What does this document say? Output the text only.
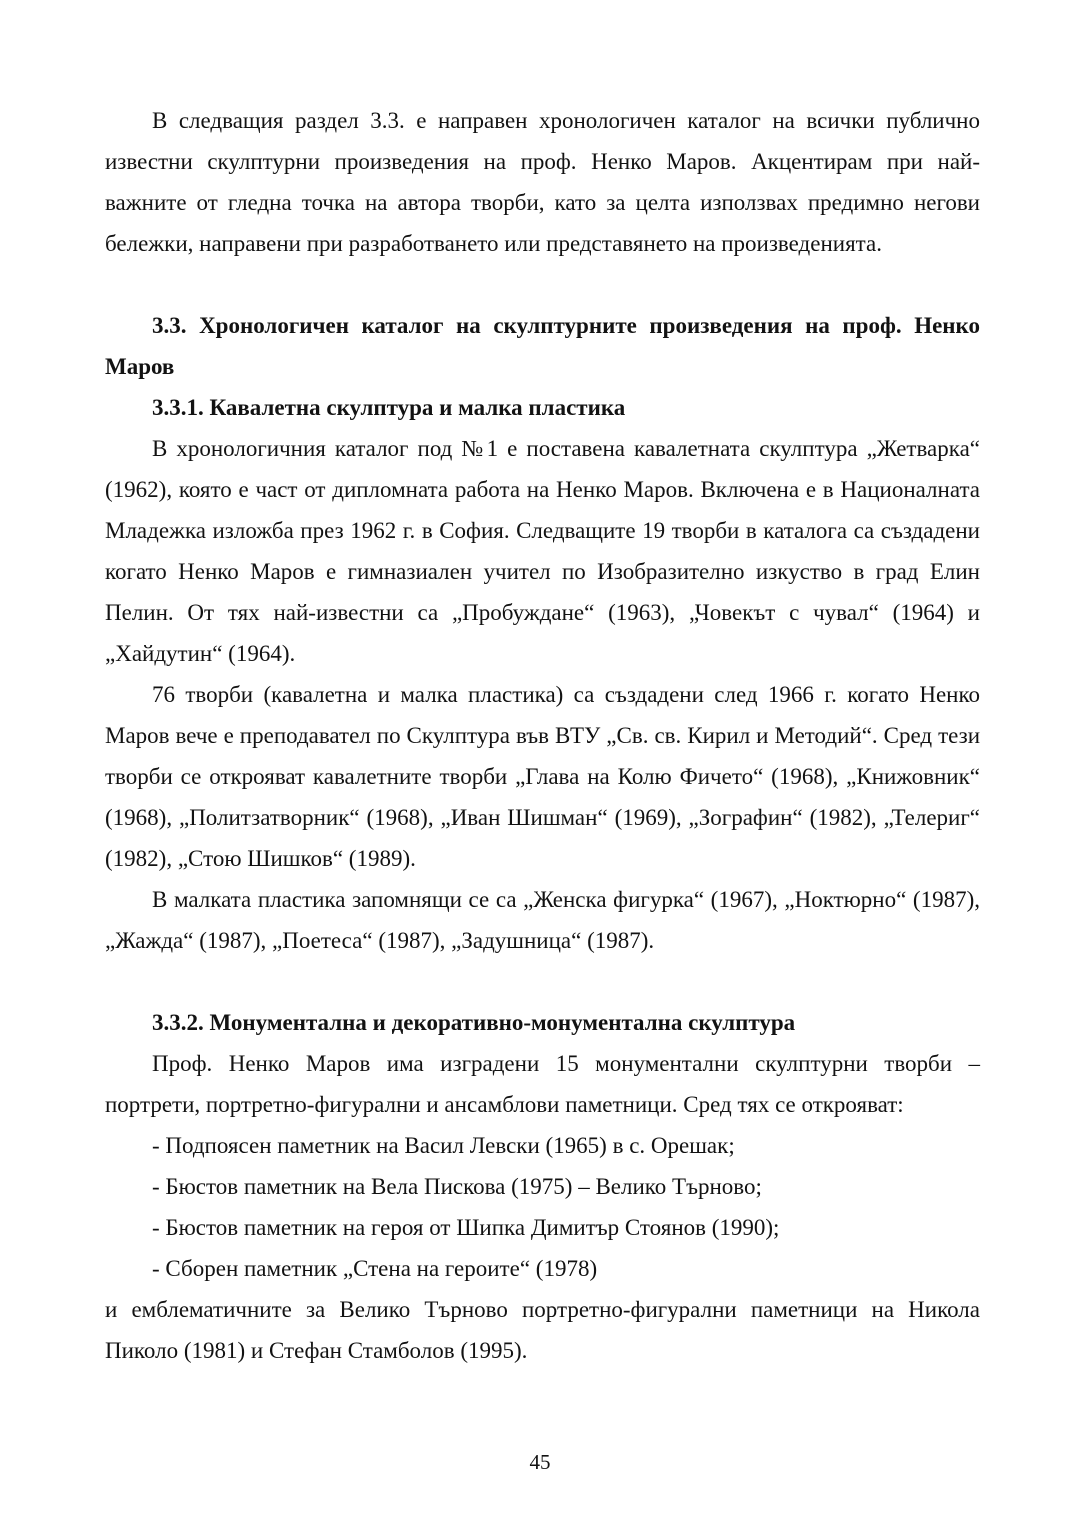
В следващия раздел 3.3. е направен хронологичен каталог на всички публично известни скулптурни произведения на проф. Ненко Маров. Акцентирам при най-важните от гледна точка на автора творби, като за целта използвах предимно негови бележки, направени при разработването или представянето на произведенията.

3.3. Хронологичен каталог на скулптурните произведения на проф. Ненко Маров

3.3.1. Кавалетна скулптура и малка пластика

В хронологичния каталог под №1 е поставена кавалетната скулптура „Жетварка“ (1962), която е част от дипломната работа на Ненко Маров. Включена е в Националната Младежка изложба през 1962 г. в София. Следващите 19 творби в каталога са създадени когато Ненко Маров е гимназиален учител по Изобразително изкуство в град Елин Пелин. От тях най-известни са „Пробуждане“ (1963), „Човекът с чувал“ (1964) и „Хайдутин“ (1964).

76 творби (кавалетна и малка пластика) са създадени след 1966 г. когато Ненко Маров вече е преподавател по Скулптура във ВТУ „Св. св. Кирил и Методий“. Сред тези творби се открояват кавалетните творби „Глава на Колю Фичето“ (1968), „Книжовник“ (1968), „Политзатворник“ (1968), „Иван Шишман“ (1969), „Зографин“ (1982), „Телериг“ (1982), „Стою Шишков“ (1989).

В малката пластика запомнящи се са „Женска фигурка“ (1967), „Ноктюрно“ (1987), „Жажда“ (1987), „Поетеса“ (1987), „Задушница“ (1987).

3.3.2. Монументална и декоративно-монументална скулптура

Проф. Ненко Маров има изградени 15 монументални скулптурни творби – портрети, портретно-фигурални и ансамблови паметници. Сред тях се открояват:

- Подпоясен паметник на Васил Левски (1965) в с. Орешак;

- Бюстов паметник на Вела Пискова (1975) – Велико Търново;

- Бюстов паметник на героя от Шипка Димитър Стоянов (1990);

- Сборен паметник „Стена на героите“ (1978)

и емблематичните за Велико Търново портретно-фигурални паметници на Никола Пиколо (1981) и Стефан Стамболов (1995).

45
